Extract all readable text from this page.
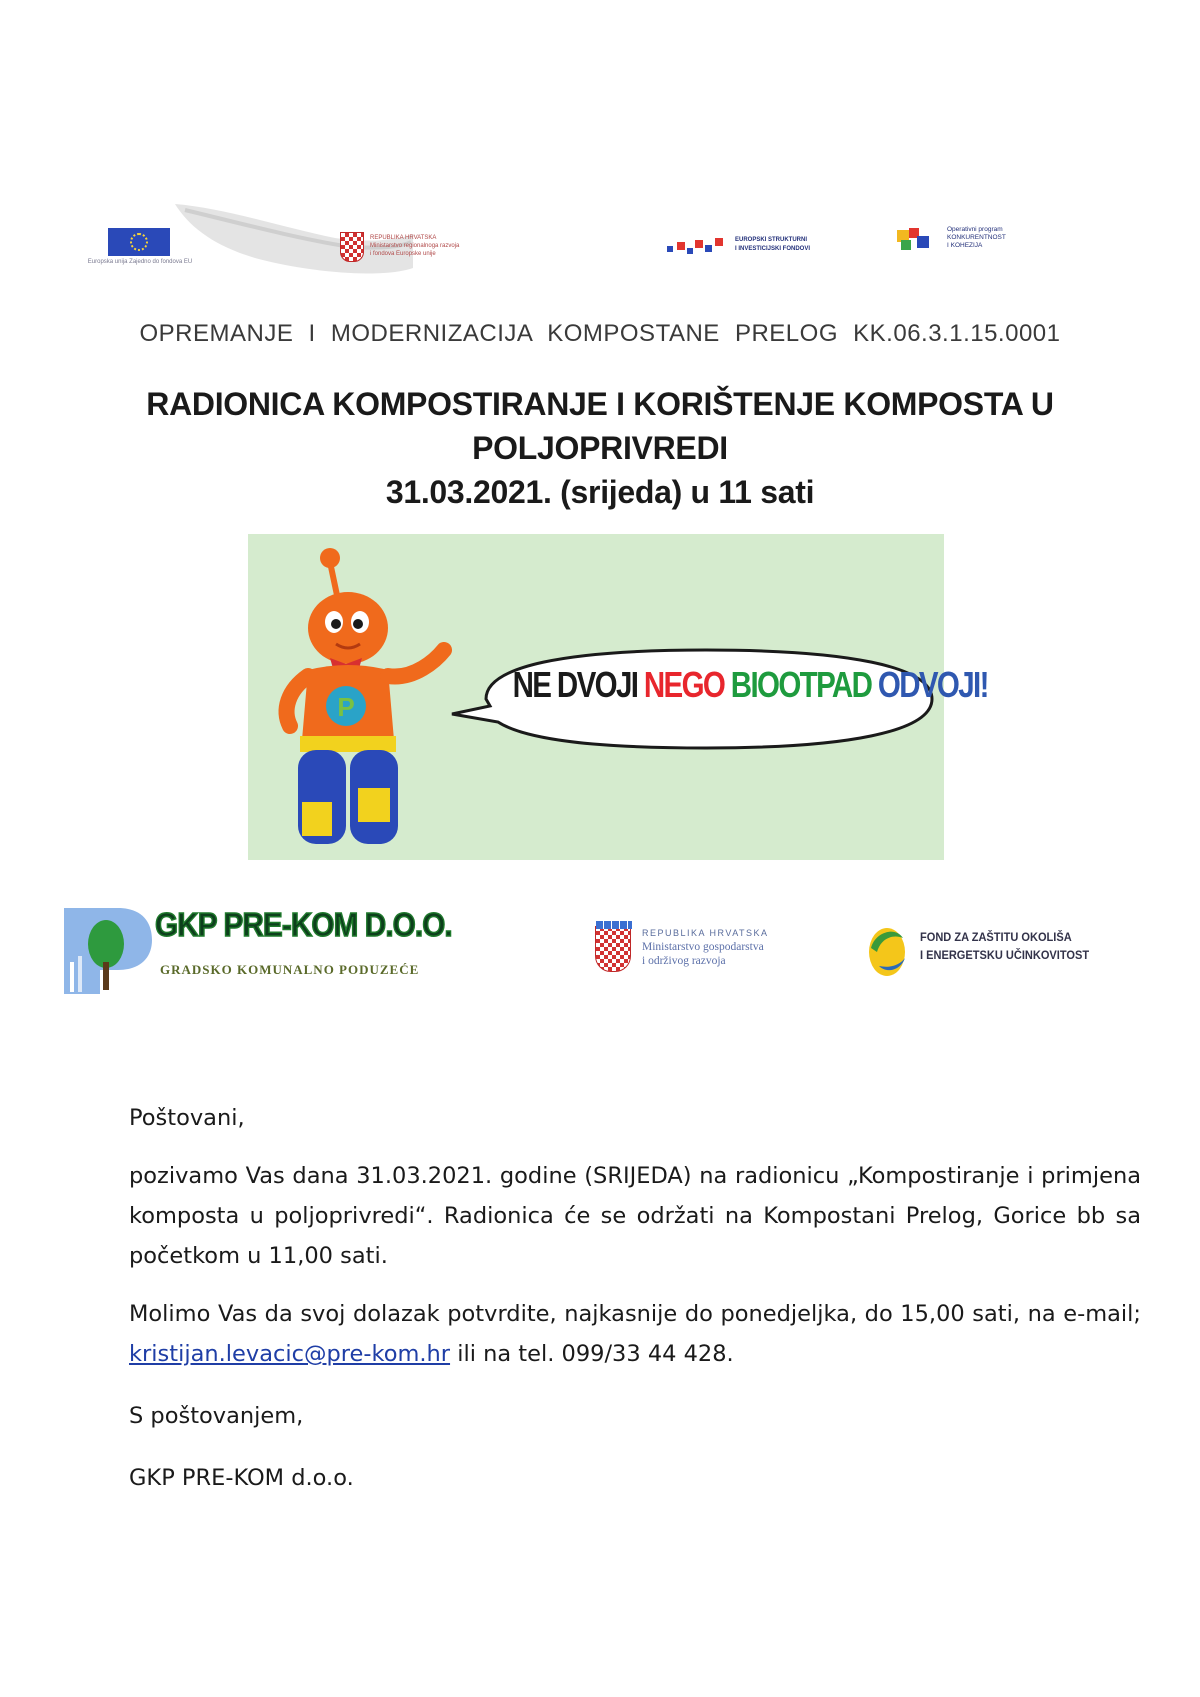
Europska unija Zajedno do fondova EU
REPUBLIKA HRVATSKA
Ministarstvo regionalnoga razvoja
i fondova Europske unije
EUROPSKI STRUKTURNI
I INVESTICIJSKI FONDOVI
Operativni program
KONKURENTNOST
I KOHEZIJA
OPREMANJE I MODERNIZACIJA KOMPOSTANE PRELOG KK.06.3.1.15.0001
RADIONICA KOMPOSTIRANJE I KORIŠTENJE KOMPOSTA U
POLJOPRIVREDI
31.03.2021. (srijeda) u 11 sati
P
NE DVOJI NEGO BIOOTPAD ODVOJI!
GKP PRE-KOM D.O.O.
GRADSKO KOMUNALNO PODUZEĆE
REPUBLIKA HRVATSKA
Ministarstvo gospodarstva
i održivog razvoja
FOND ZA ZAŠTITU OKOLIŠA
I ENERGETSKU UČINKOVITOST

Poštovani,

pozivamo Vas dana 31.03.2021. godine (SRIJEDA) na radionicu „Kompostiranje i primjena komposta u poljoprivredi“. Radionica će se održati na Kompostani Prelog, Gorice bb sa početkom u 11,00 sati.

Molimo Vas da svoj dolazak potvrdite, najkasnije do ponedjeljka, do 15,00 sati, na e-mail; kristijan.levacic@pre-kom.hr ili na tel. 099/33 44 428.

S poštovanjem,

GKP PRE-KOM d.o.o.
